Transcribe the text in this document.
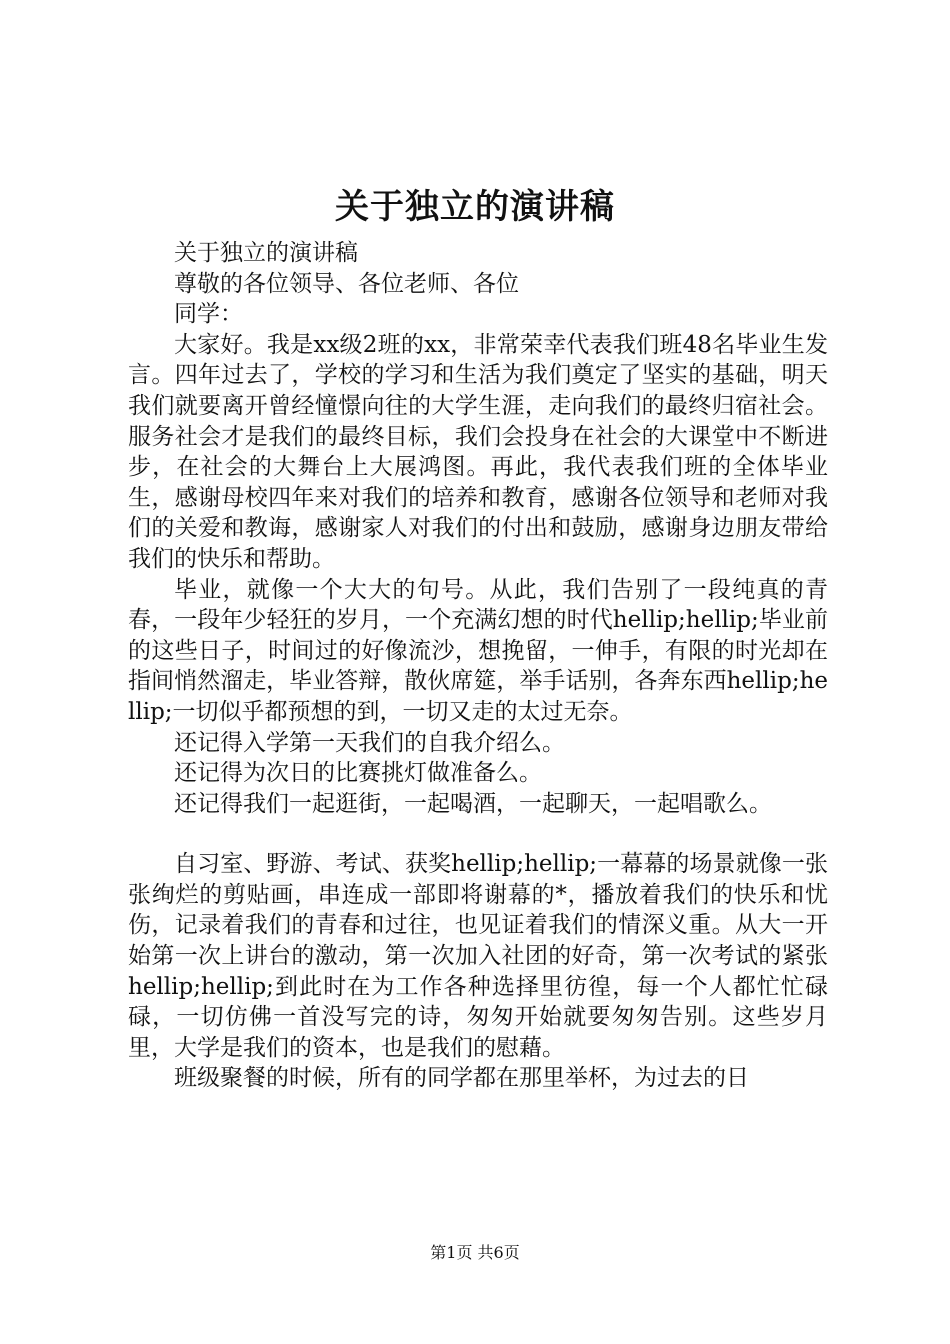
关于独立的演讲稿

关于独立的演讲稿

尊敬的各位领导、各位老师、各位

同学：

大家好。我是xx级2班的xx，非常荣幸代表我们班48名毕业生发言。四年过去了，学校的学习和生活为我们奠定了坚实的基础，明天我们就要离开曾经憧憬向往的大学生涯，走向我们的最终归宿社会。服务社会才是我们的最终目标，我们会投身在社会的大课堂中不断进步，在社会的大舞台上大展鸿图。再此，我代表我们班的全体毕业生，感谢母校四年来对我们的培养和教育，感谢各位领导和老师对我们的关爱和教诲，感谢家人对我们的付出和鼓励，感谢身边朋友带给我们的快乐和帮助。

毕业，就像一个大大的句号。从此，我们告别了一段纯真的青春，一段年少轻狂的岁月，一个充满幻想的时代hellip;hellip;毕业前的这些日子，时间过的好像流沙，想挽留，一伸手，有限的时光却在指间悄然溜走，毕业答辩，散伙席筵，举手话别，各奔东西hellip;hellip;一切似乎都预想的到，一切又走的太过无奈。

还记得入学第一天我们的自我介绍么。

还记得为次日的比赛挑灯做准备么。

还记得我们一起逛街，一起喝酒，一起聊天，一起唱歌么。

自习室、野游、考试、获奖hellip;hellip;一幕幕的场景就像一张张绚烂的剪贴画，串连成一部即将谢幕的*，播放着我们的快乐和忧伤，记录着我们的青春和过往，也见证着我们的情深义重。从大一开始第一次上讲台的激动，第一次加入社团的好奇，第一次考试的紧张hellip;hellip;到此时在为工作各种选择里彷徨，每一个人都忙忙碌碌，一切仿佛一首没写完的诗，匆匆开始就要匆匆告别。这些岁月里，大学是我们的资本，也是我们的慰藉。

班级聚餐的时候，所有的同学都在那里举杯，为过去的日

第1页 共6页
